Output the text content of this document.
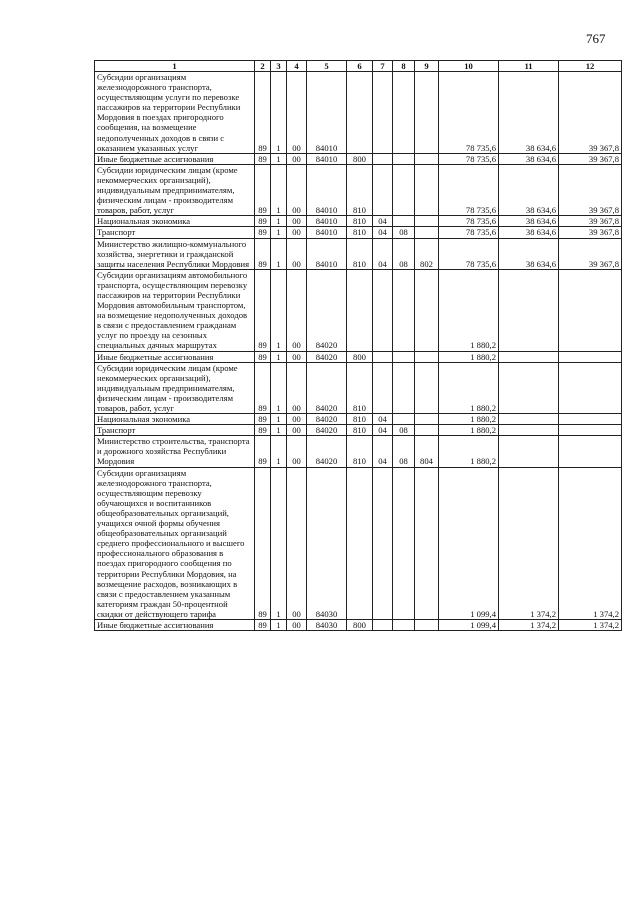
767
1	2	3	4	5	6	7	8	9	10	11	12
Субсидии организациям железнодорожного транспорта, осуществляющим услуги по перевозке пассажиров на территории Республики Мордовия в поездах пригородного сообщения, на возмещение недополученных доходов в связи с оказанием указанных услуг	89	1	00	84010					78 735,6	38 634,6	39 367,8
Иные бюджетные ассигнования	89	1	00	84010	800				78 735,6	38 634,6	39 367,8
Субсидии юридическим лицам (кроме некоммерческих организаций), индивидуальным предпринимателям, физическим лицам - производителям товаров, работ, услуг	89	1	00	84010	810				78 735,6	38 634,6	39 367,8
Национальная экономика	89	1	00	84010	810	04			78 735,6	38 634,6	39 367,8
Транспорт	89	1	00	84010	810	04	08		78 735,6	38 634,6	39 367,8
Министерство жилищно-коммунального хозяйства, энергетики и гражданской защиты населения Республики Мордовия	89	1	00	84010	810	04	08	802	78 735,6	38 634,6	39 367,8
Субсидии организациям автомобильного транспорта, осуществляющим перевозку пассажиров на территории Республики Мордовия автомобильным транспортом, на возмещение недополученных доходов в связи с предоставлением гражданам услуг по проезду на сезонных специальных дачных маршрутах	89	1	00	84020					1 880,2		
Иные бюджетные ассигнования	89	1	00	84020	800				1 880,2		
Субсидии юридическим лицам (кроме некоммерческих организаций), индивидуальным предпринимателям, физическим лицам - производителям товаров, работ, услуг	89	1	00	84020	810				1 880,2		
Национальная экономика	89	1	00	84020	810	04			1 880,2		
Транспорт	89	1	00	84020	810	04	08		1 880,2		
Министерство строительства, транспорта и дорожного хозяйства Республики Мордовия	89	1	00	84020	810	04	08	804	1 880,2		
Субсидии организациям железнодорожного транспорта, осуществляющим перевозку обучающихся и воспитанников общеобразовательных организаций, учащихся очной формы обучения общеобразовательных организаций среднего профессионального и высшего профессионального образования в поездах пригородного сообщения по территории Республики Мордовия, на возмещение расходов, возникающих в связи с предоставлением указанным категориям граждан 50-процентной скидки от действующего тарифа	89	1	00	84030					1 099,4	1 374,2	1 374,2
Иные бюджетные ассигнования	89	1	00	84030	800				1 099,4	1 374,2	1 374,2
